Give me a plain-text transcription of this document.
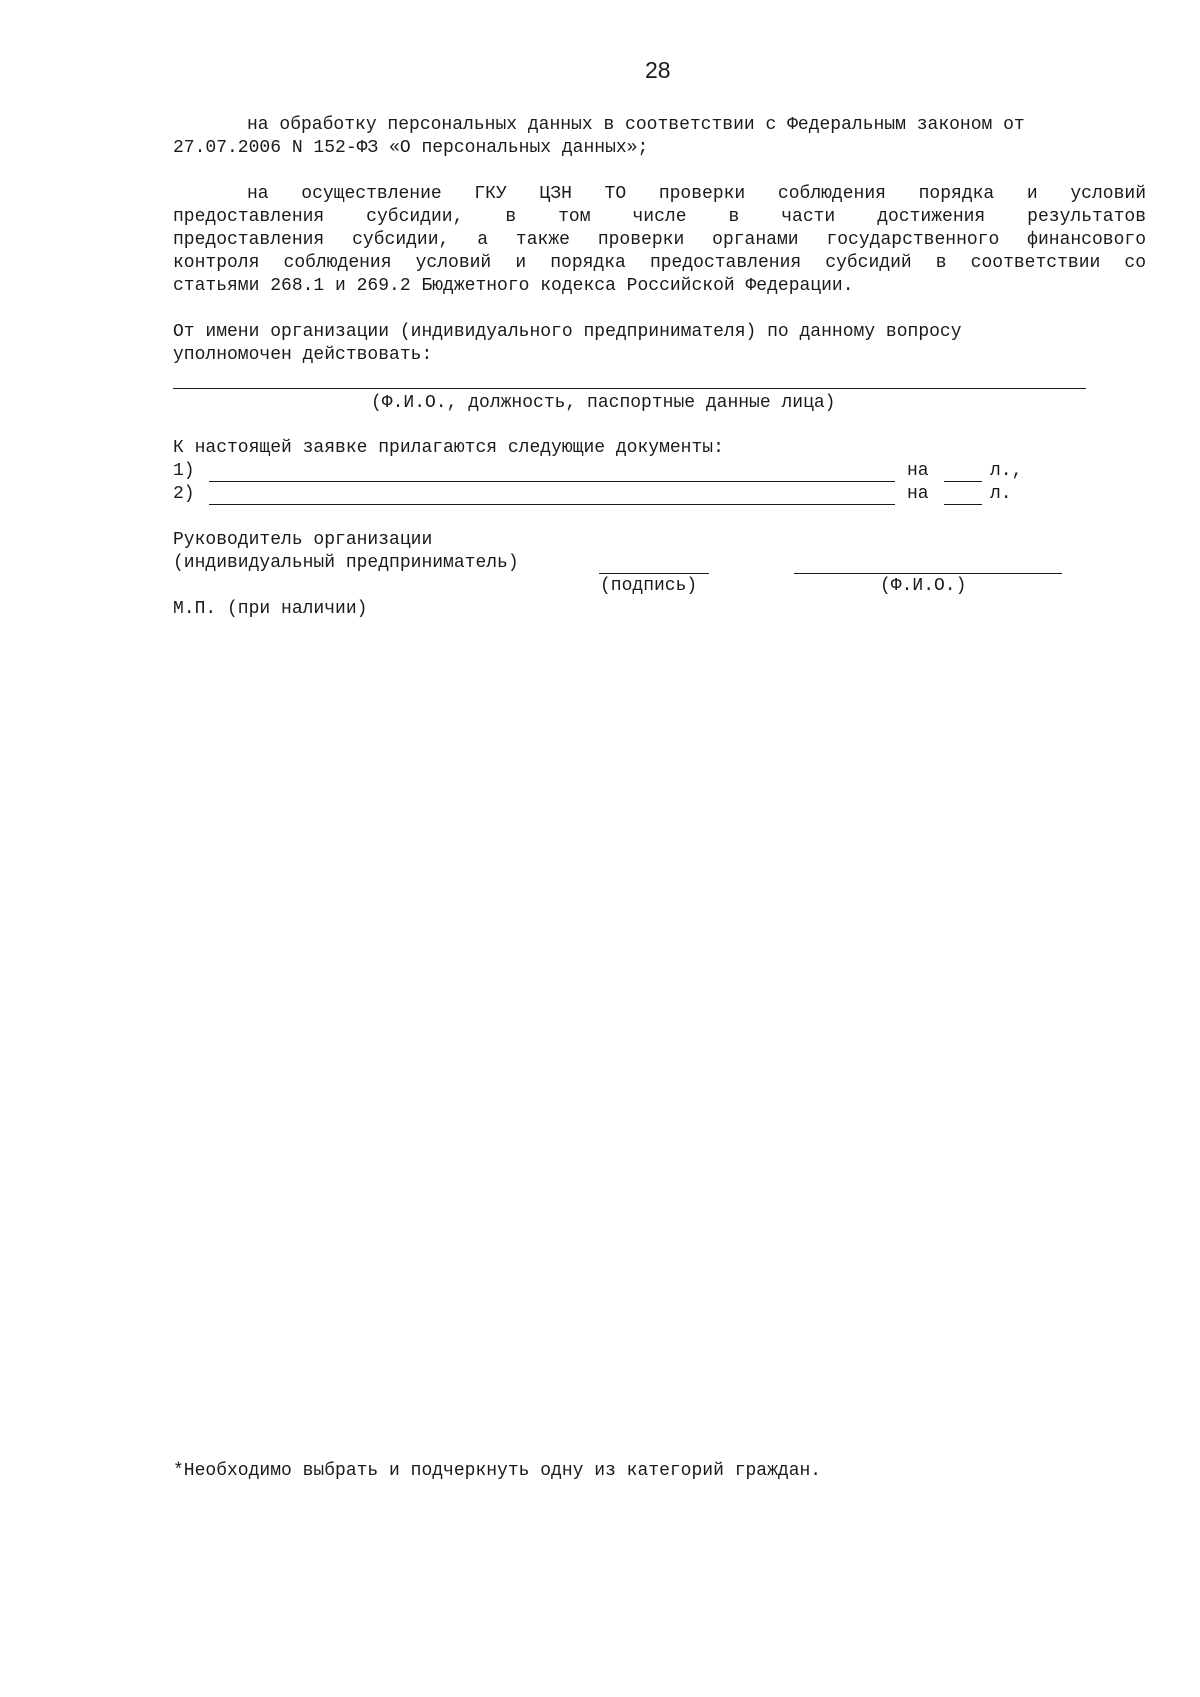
28
на обработку персональных данных в соответствии с Федеральным законом от
27.07.2006 N 152-ФЗ «О персональных данных»;
на осуществление ГКУ ЦЗН ТО проверки соблюдения порядка и условий
предоставления субсидии, в том числе в части достижения результатов
предоставления субсидии, а также проверки органами государственного финансового
контроля соблюдения условий и порядка предоставления субсидий в соответствии со
статьями 268.1 и 269.2 Бюджетного кодекса Российской Федерации.
От имени организации (индивидуального предпринимателя) по данному вопросу
уполномочен действовать:
(Ф.И.О., должность, паспортные данные лица)
К настоящей заявке прилагаются следующие документы:
1)	на	л.,
2)	на	л.
Руководитель организации
(индивидуальный предприниматель)
(подпись)	(Ф.И.О.)
М.П. (при наличии)
*Необходимо выбрать и подчеркнуть одну из категорий граждан.
